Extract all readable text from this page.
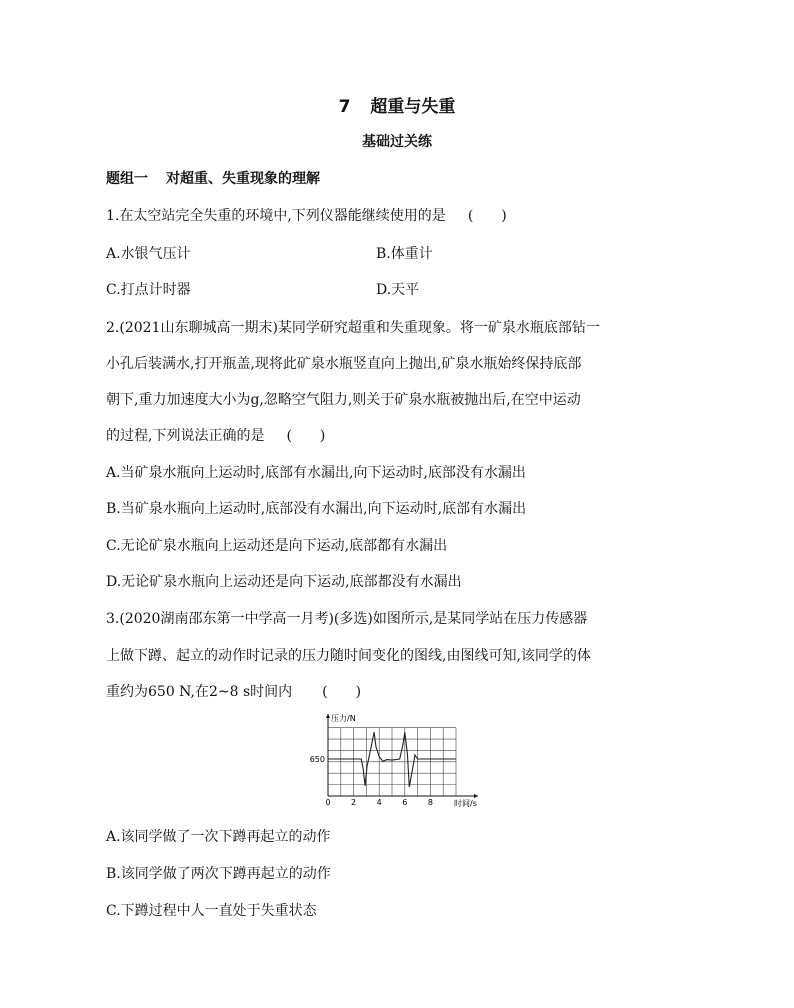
7 超重与失重
基础过关练
题组一 对超重、失重现象的理解
1.在太空站完全失重的环境中,下列仪器能继续使用的是 (　　)
A.水银气压计	B.体重计
C.打点计时器	D.天平
2.(2021山东聊城高一期末)某同学研究超重和失重现象。将一矿泉水瓶底部钻一
小孔后装满水,打开瓶盖,现将此矿泉水瓶竖直向上抛出,矿泉水瓶始终保持底部
朝下,重力加速度大小为g,忽略空气阻力,则关于矿泉水瓶被抛出后,在空中运动
的过程,下列说法正确的是 (　　)
A.当矿泉水瓶向上运动时,底部有水漏出,向下运动时,底部没有水漏出
B.当矿泉水瓶向上运动时,底部没有水漏出,向下运动时,底部有水漏出
C.无论矿泉水瓶向上运动还是向下运动,底部都有水漏出
D.无论矿泉水瓶向上运动还是向下运动,底部都没有水漏出
3.(2020湖南邵东第一中学高一月考)(多选)如图所示,是某同学站在压力传感器
上做下蹲、起立的动作时记录的压力随时间变化的图线,由图线可知,该同学的体
重约为650 N,在2~8 s时间内 (　　)
压力/N
时间/s
0	2	4	6	8
650
A.该同学做了一次下蹲再起立的动作
B.该同学做了两次下蹲再起立的动作
C.下蹲过程中人一直处于失重状态
